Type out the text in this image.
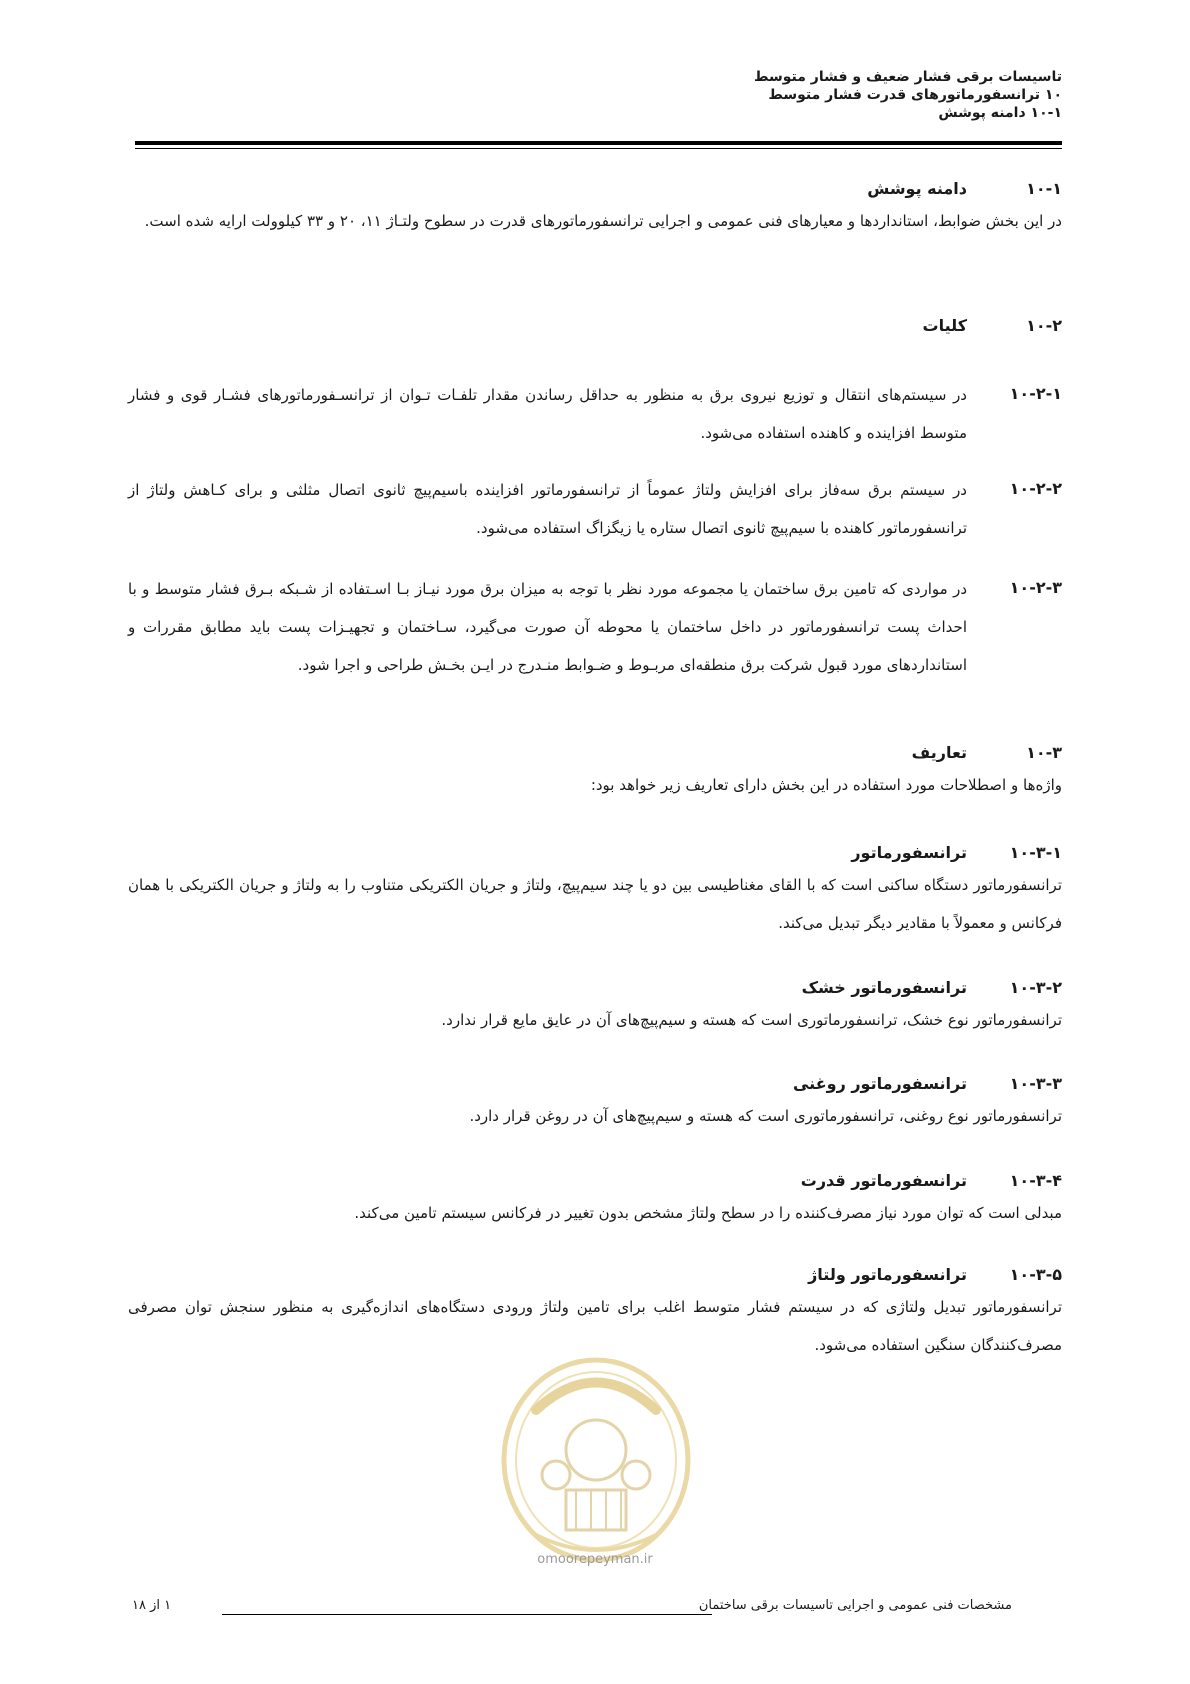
تاسیسات برقی فشار ضعیف و فشار متوسط
۱۰ ترانسفورماتورهای قدرت فشار متوسط
۱۰-۱ دامنه پوشش
۱۰-۱
دامنه پوشش
در این بخش ضوابط، استانداردها و معیارهای فنی عمومی و اجرایی ترانسفورماتورهای قدرت در سطوح ولتـاژ ۱۱، ۲۰ و ۳۳ کیلوولت ارایه شده است.
۱۰-۲
کلیات
۱۰-۲-۱
در سیستم‌های انتقال و توزیع نیروی برق به منظور به حداقل رساندن مقدار تلفـات تـوان از ترانسـفورماتورهای فشـار قوی و فشار متوسط افزاینده و کاهنده استفاده می‌شود.
۱۰-۲-۲
در سیستم برق سه‌فاز برای افزایش ولتاژ عموماً از ترانسفورماتور افزاینده باسیم‌پیچ ثانوی اتصال مثلثی و برای کـاهش ولتاژ از ترانسفورماتور کاهنده با سیم‌پیچ ثانوی اتصال ستاره یا زیگزاگ استفاده می‌شود.
۱۰-۲-۳
در مواردی که تامین برق ساختمان یا مجموعه مورد نظر با توجه به میزان برق مورد نیـاز بـا اسـتفاده از شـبکه بـرق فشار متوسط و با احداث پست ترانسفورماتور در داخل ساختمان یا محوطه آن صورت می‌گیرد، سـاختمان و تجهیـزات پست باید مطابق مقررات و استانداردهای مورد قبول شرکت برق منطقه‌ای مربـوط و ضـوابط منـدرج در ایـن بخـش طراحی و اجرا شود.
۱۰-۳
تعاریف
واژه‌ها و اصطلاحات مورد استفاده در این بخش دارای تعاریف زیر خواهد بود:
۱۰-۳-۱
ترانسفورماتور
ترانسفورماتور دستگاه ساکنی است که با القای مغناطیسی بین دو یا چند سیم‌پیچ، ولتاژ و جریان الکتریکی متناوب را به ولتاژ و جریان الکتریکی با همان فرکانس و معمولاً با مقادیر دیگر تبدیل می‌کند.
۱۰-۳-۲
ترانسفورماتور خشک
ترانسفورماتور نوع خشک، ترانسفورماتوری است که هسته و سیم‌پیچ‌های آن در عایق مایع قرار ندارد.
۱۰-۳-۳
ترانسفورماتور روغنی
ترانسفورماتور نوع روغنی، ترانسفورماتوری است که هسته و سیم‌پیچ‌های آن در روغن قرار دارد.
۱۰-۳-۴
ترانسفورماتور قدرت
مبدلی است که توان مورد نیاز مصرف‌کننده را در سطح ولتاژ مشخص بدون تغییر در فرکانس سیستم تامین می‌کند.
۱۰-۳-۵
ترانسفورماتور ولتاژ
ترانسفورماتور تبدیل ولتاژی که در سیستم فشار متوسط اغلب برای تامین ولتاژ ورودی دستگاه‌های اندازه‌گیری به منظور سنجش توان مصرفی مصرف‌کنندگان سنگین استفاده می‌شود.
omoorepeyman.ir
مشخصات فنی عمومی و اجرایی تاسیسات برقی ساختمان
۱ از ۱۸
